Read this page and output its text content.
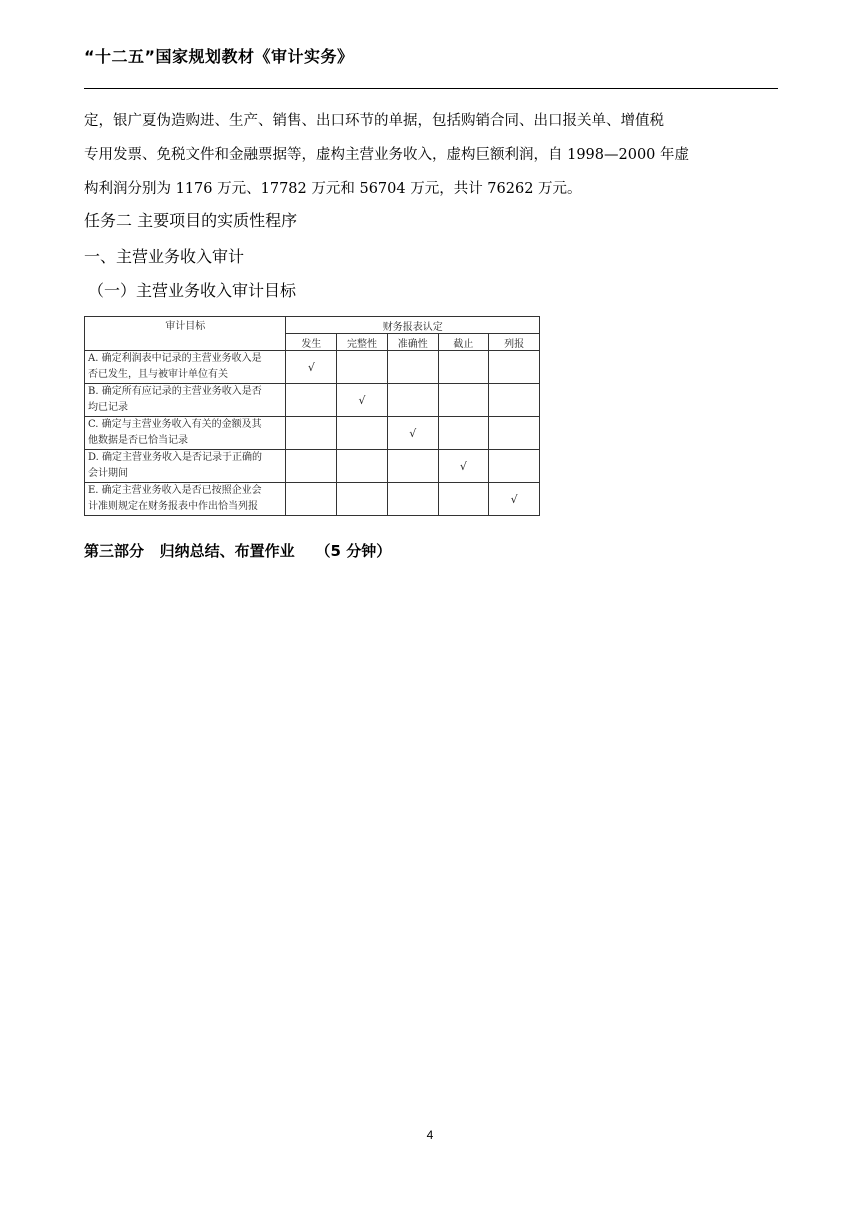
“十二五”国家规划教材《审计实务》
定，银广夏伪造购进、生产、销售、出口环节的单据，包括购销合同、出口报关单、增值税
专用发票、免税文件和金融票据等，虚构主营业务收入，虚构巨额利润，自 1998—2000 年虚
构利润分别为 1176 万元、17782 万元和 56704 万元，共计 76262 万元。
任务二 主要项目的实质性程序
一、主营业务收入审计
（一）主营业务收入审计目标
审计目标	财务报表认定				
	发生	完整性	准确性	截止	列报

A. 确定利润表中记录的主营业务收入是
否已发生，且与被审计单位有关	√				

B. 确定所有应记录的主营业务收入是否
均已记录		√			

C. 确定与主营业务收入有关的金额及其
他数据是否已恰当记录			√		

D. 确定主营业务收入是否记录于正确的
会计期间				√	

E. 确定主营业务收入是否已按照企业会
计准则规定在财务报表中作出恰当列报					√
第三部分   归纳总结、布置作业    （5 分钟）
4
